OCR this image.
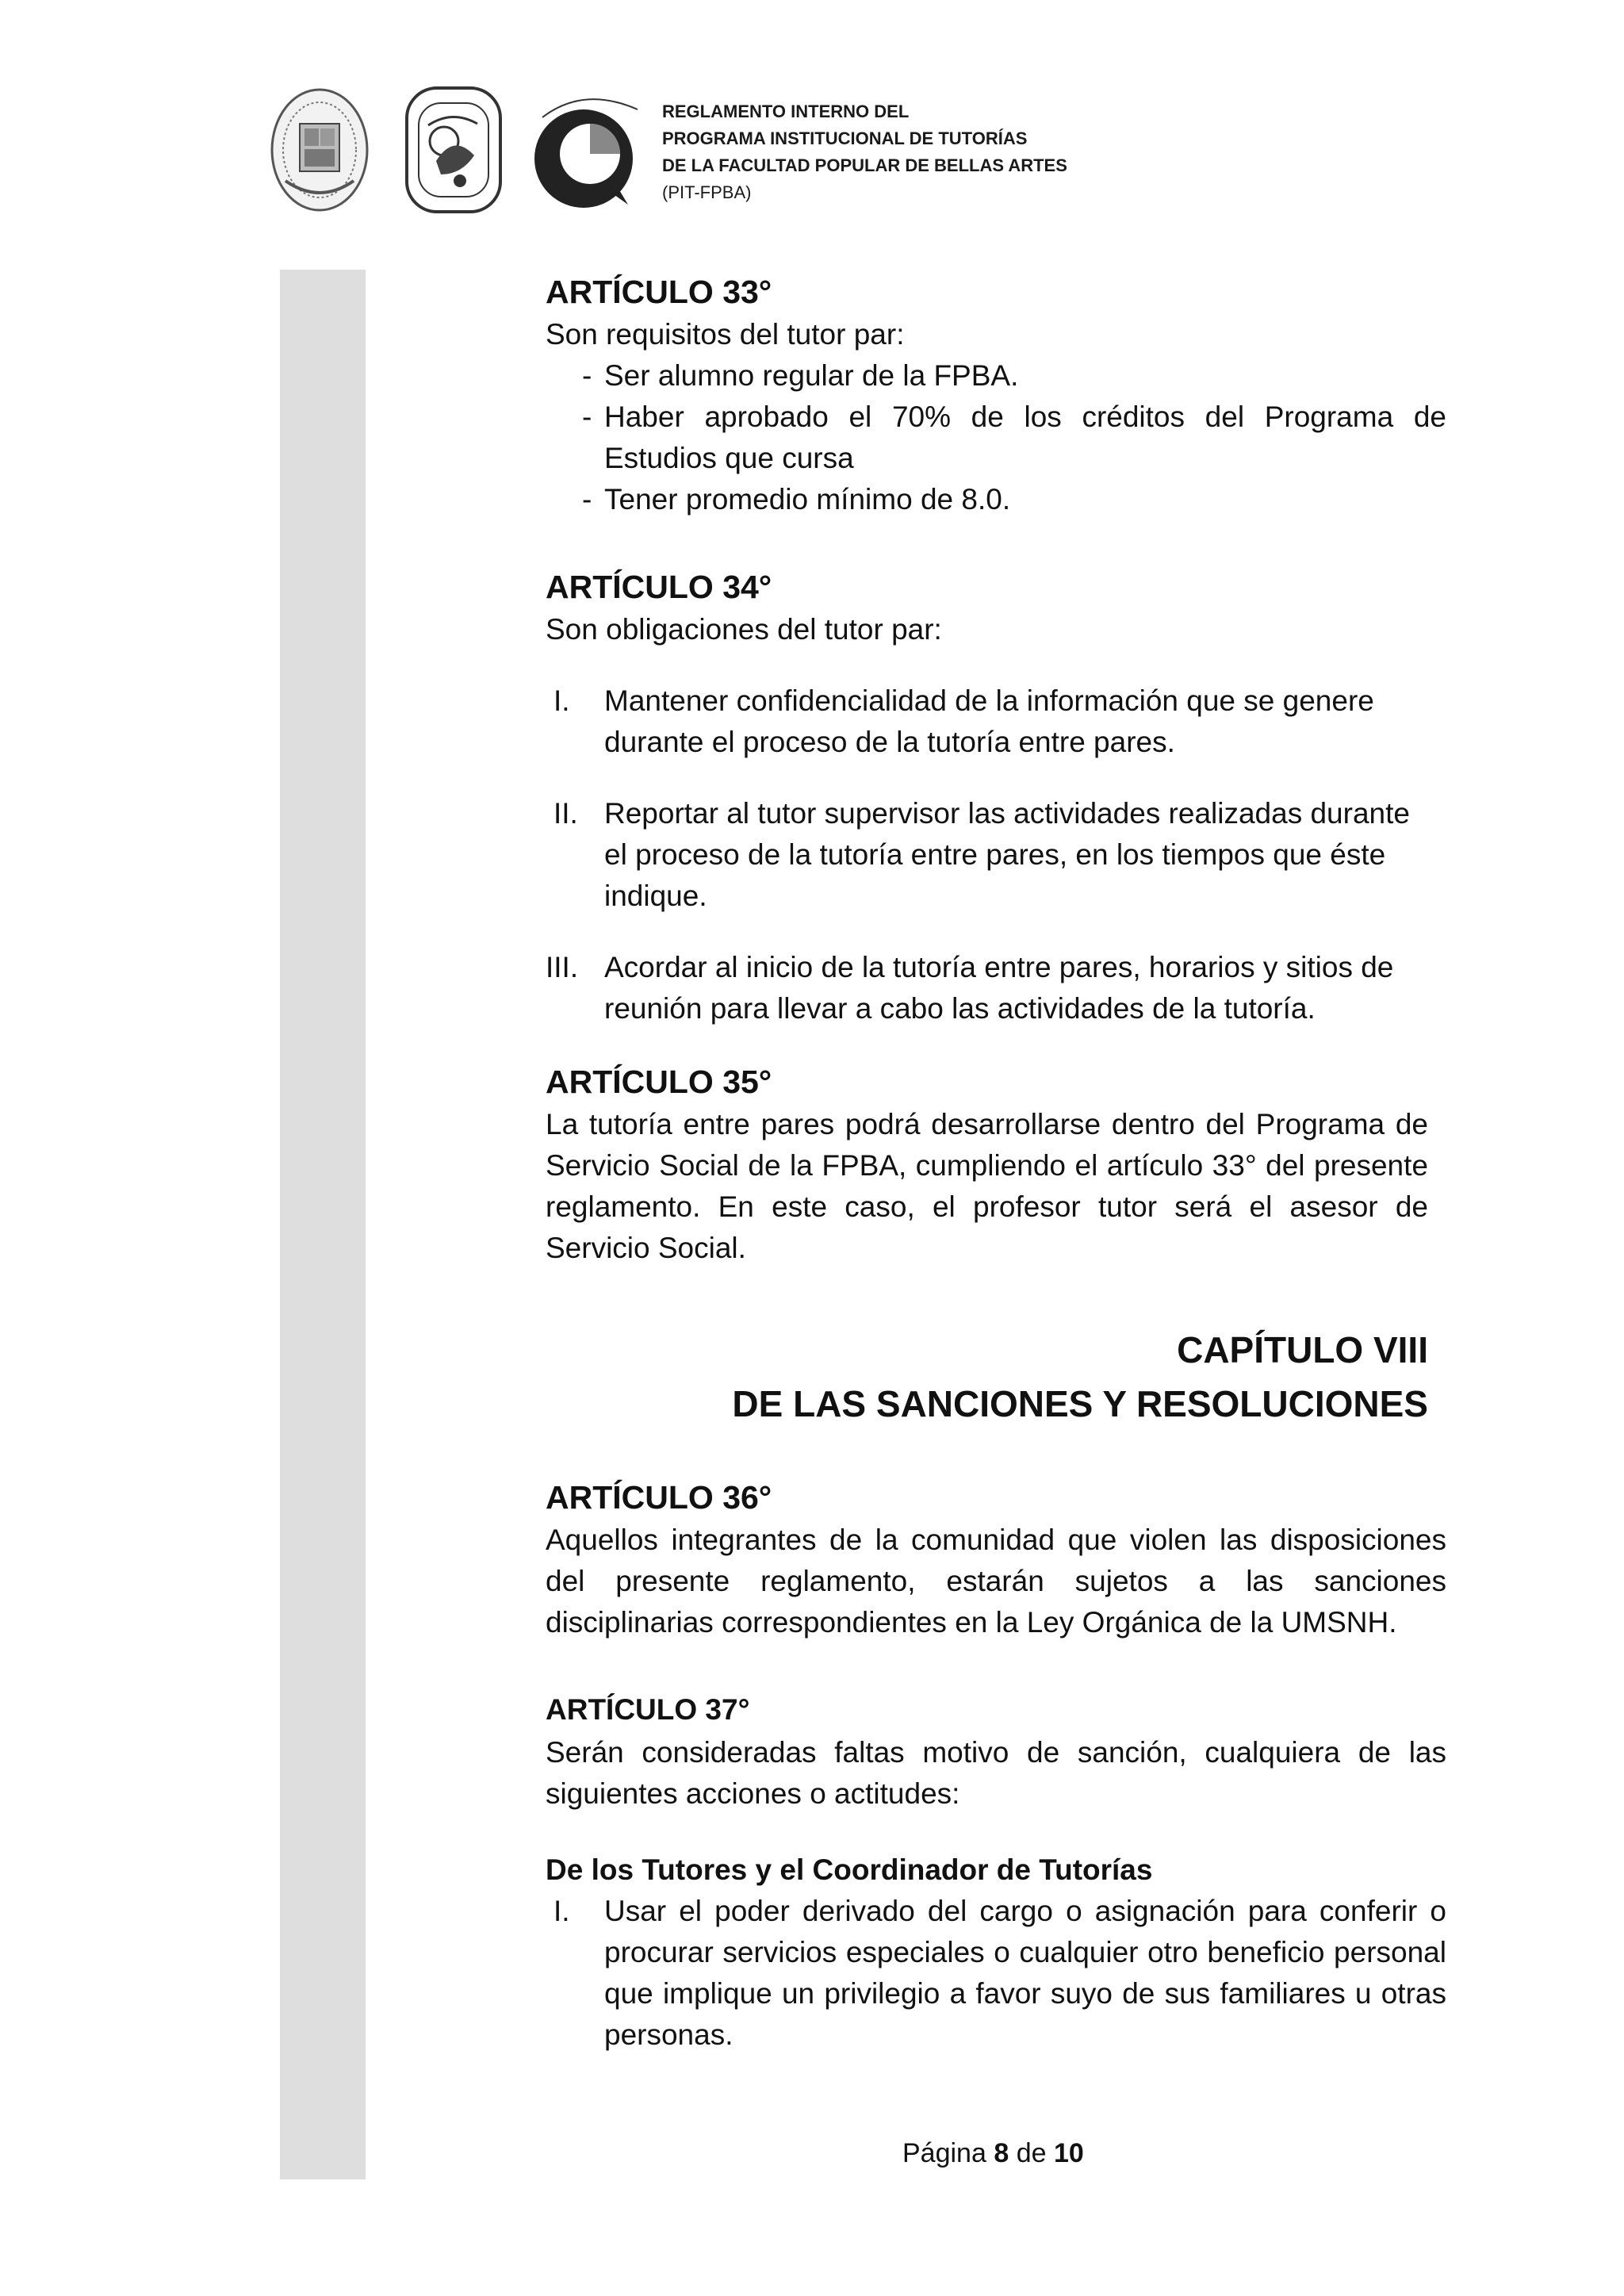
REGLAMENTO INTERNO DEL
PROGRAMA INSTITUCIONAL DE TUTORÍAS
DE LA FACULTAD POPULAR DE BELLAS ARTES
(PIT-FPBA)
ARTÍCULO 33°

Son requisitos del tutor par:

- Ser alumno regular de la FPBA.
- Haber aprobado el 70% de los créditos del Programa de Estudios que cursa
- Tener promedio mínimo de 8.0.
ARTÍCULO 34°

Son obligaciones del tutor par:

I. Mantener confidencialidad de la información que se genere durante el proceso de la tutoría entre pares.
II. Reportar al tutor supervisor las actividades realizadas durante el proceso de la tutoría entre pares, en los tiempos que éste indique.
III. Acordar al inicio de la tutoría entre pares, horarios y sitios de reunión para llevar a cabo las actividades de la tutoría.
ARTÍCULO 35°

La tutoría entre pares podrá desarrollarse dentro del Programa de Servicio Social de la FPBA, cumpliendo el artículo 33° del presente reglamento. En este caso, el profesor tutor será el asesor de Servicio Social.

CAPÍTULO VIII
DE LAS SANCIONES Y RESOLUCIONES
ARTÍCULO 36°

Aquellos integrantes de la comunidad que violen las disposiciones del presente reglamento, estarán sujetos a las sanciones disciplinarias correspondientes en la Ley Orgánica de la UMSNH.

ARTÍCULO 37°

Serán consideradas faltas motivo de sanción, cualquiera de las siguientes acciones o actitudes:

De los Tutores y el Coordinador de Tutorías

I. Usar el poder derivado del cargo o asignación para conferir o procurar servicios especiales o cualquier otro beneficio personal que implique un privilegio a favor suyo de sus familiares u otras personas.
Página 8 de 10
